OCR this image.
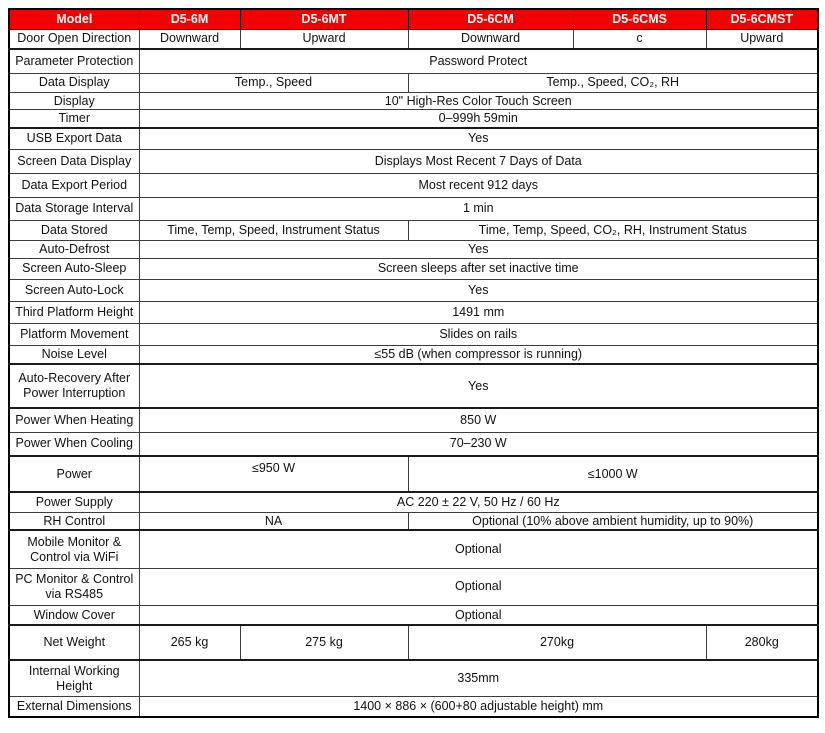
Model	D5-6M	D5-6MT	D5-6CM	D5-6CMS	D5-6CMST
Door Open Direction	Downward	Upward	Downward	c	Upward
Parameter Protection	Password Protect				
Data Display	Temp., Speed		Temp., Speed, CO₂, RH		
Display	10" High-Res Color Touch Screen				
Timer	0–999h 59min				
USB Export Data	Yes				
Screen Data Display	Displays Most Recent 7 Days of Data				
Data Export Period	Most recent 912 days				
Data Storage Interval	1 min				
Data Stored	Time, Temp, Speed, Instrument Status		Time, Temp, Speed, CO₂, RH, Instrument Status		
Auto-Defrost	Yes				
Screen Auto-Sleep	Screen sleeps after set inactive time				
Screen Auto-Lock	Yes				
Third Platform Height	1491 mm				
Platform Movement	Slides on rails				
Noise Level	≤55 dB (when compressor is running)				
Auto-Recovery After Power Interruption	Yes				
Power When Heating	850 W				
Power When Cooling	70–230 W				
Power	≤950 W		≤1000 W		
Power Supply	AC 220 ± 22 V, 50 Hz / 60 Hz				
RH Control	NA		Optional (10% above ambient humidity, up to 90%)		
Mobile Monitor & Control via WiFi	Optional				
PC Monitor & Control via RS485	Optional				
Window Cover	Optional				
Net Weight	265 kg	275 kg	270kg		280kg
Internal Working Height	335mm				
External Dimensions	1400 × 886 × (600+80 adjustable height) mm				
